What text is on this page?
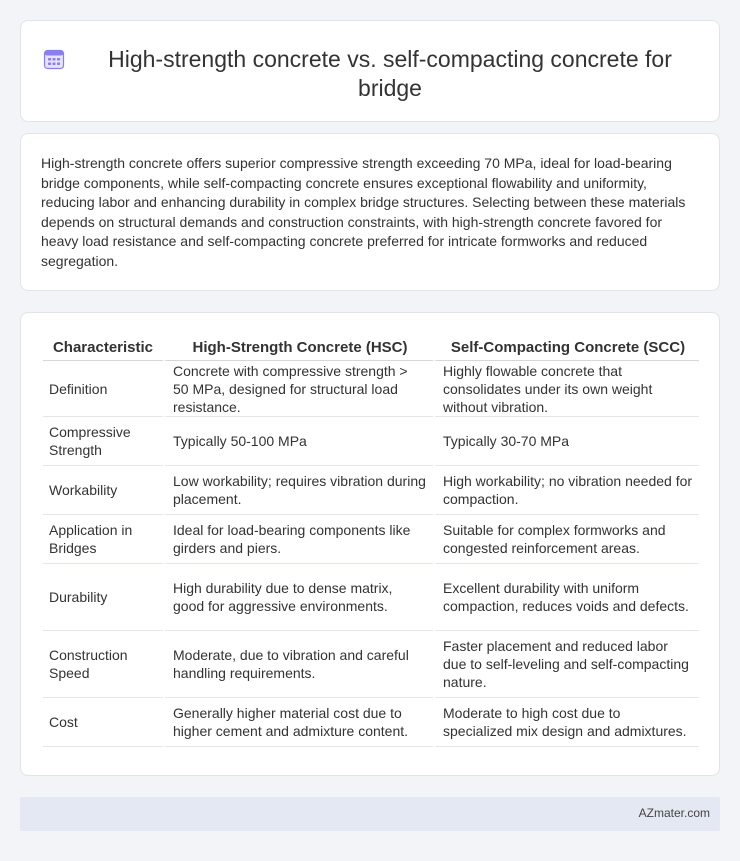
High-strength concrete vs. self-compacting concrete for bridge

High-strength concrete offers superior compressive strength exceeding 70 MPa, ideal for load-bearing bridge components, while self-compacting concrete ensures exceptional flowability and uniformity, reducing labor and enhancing durability in complex bridge structures. Selecting between these materials depends on structural demands and construction constraints, with high-strength concrete favored for heavy load resistance and self-compacting concrete preferred for intricate formworks and reduced segregation.

Characteristic	High-Strength Concrete (HSC)	Self-Compacting Concrete (SCC)
Definition	Concrete with compressive strength > 50 MPa, designed for structural load resistance.	Highly flowable concrete that consolidates under its own weight without vibration.
Compressive Strength	Typically 50-100 MPa	Typically 30-70 MPa
Workability	Low workability; requires vibration during placement.	High workability; no vibration needed for compaction.
Application in Bridges	Ideal for load-bearing components like girders and piers.	Suitable for complex formworks and congested reinforcement areas.
Durability	High durability due to dense matrix, good for aggressive environments.	Excellent durability with uniform compaction, reduces voids and defects.
Construction Speed	Moderate, due to vibration and careful handling requirements.	Faster placement and reduced labor due to self-leveling and self-compacting nature.
Cost	Generally higher material cost due to higher cement and admixture content.	Moderate to high cost due to specialized mix design and admixtures.
AZmater.com
